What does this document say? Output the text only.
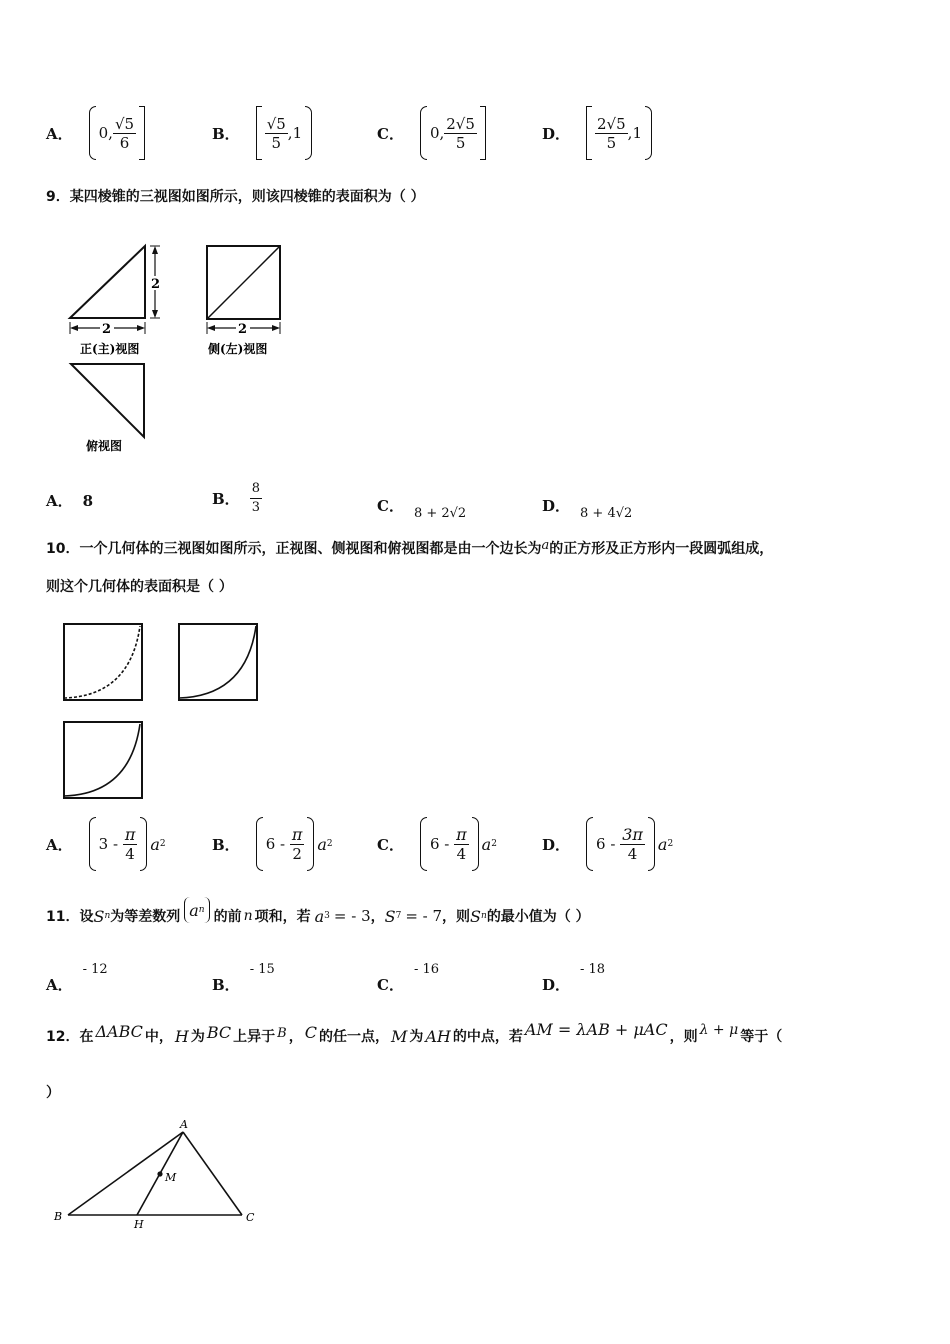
A． 0, $\frac{√5}{6}$	B． $\frac{√5}{5} ,1$	C． 0, $\frac{2√5}{5}$	D． $\frac{2√5}{5} ,1$
9．某四棱锥的三视图如图所示，则该四棱锥的表面积为（ ）
2
2
正(主)视图
2
侧(左)视图
俯视图
A． 8	B． $\frac{8}{3}$	C． 8 + 2√2	D． 8 + 4√2
10．一个几何体的三视图如图所示，正视图、侧视图和俯视图都是由一个边长为a的正方形及正方形内一段圆弧组成，
则这个几何体的表面积是（ ）
A． 3 -
$\frac{\pi}{4}$ a 2	B． 6 -
$\frac{\pi}{2}$ a 2	C． 6 -
$\frac{\pi}{4}$ a 2	D． 6 -
$\frac{3\pi}{4}$ a 2
11．设 S n 为等差数列 a n 的前 n 项和，若 a 3 = - 3 ， S 7 = - 7 ，则 S n 的最小值为（ ）
A．
- 12
B．
- 15
C．
- 16
D．
- 18
12．在 ΔABC 中， H 为 BC 上异于 B ， C 的任一点， M 为 AH 的中点，若 AM = λAB + μAC ，则 λ + μ 等于（
）
A
B	C
H
M
